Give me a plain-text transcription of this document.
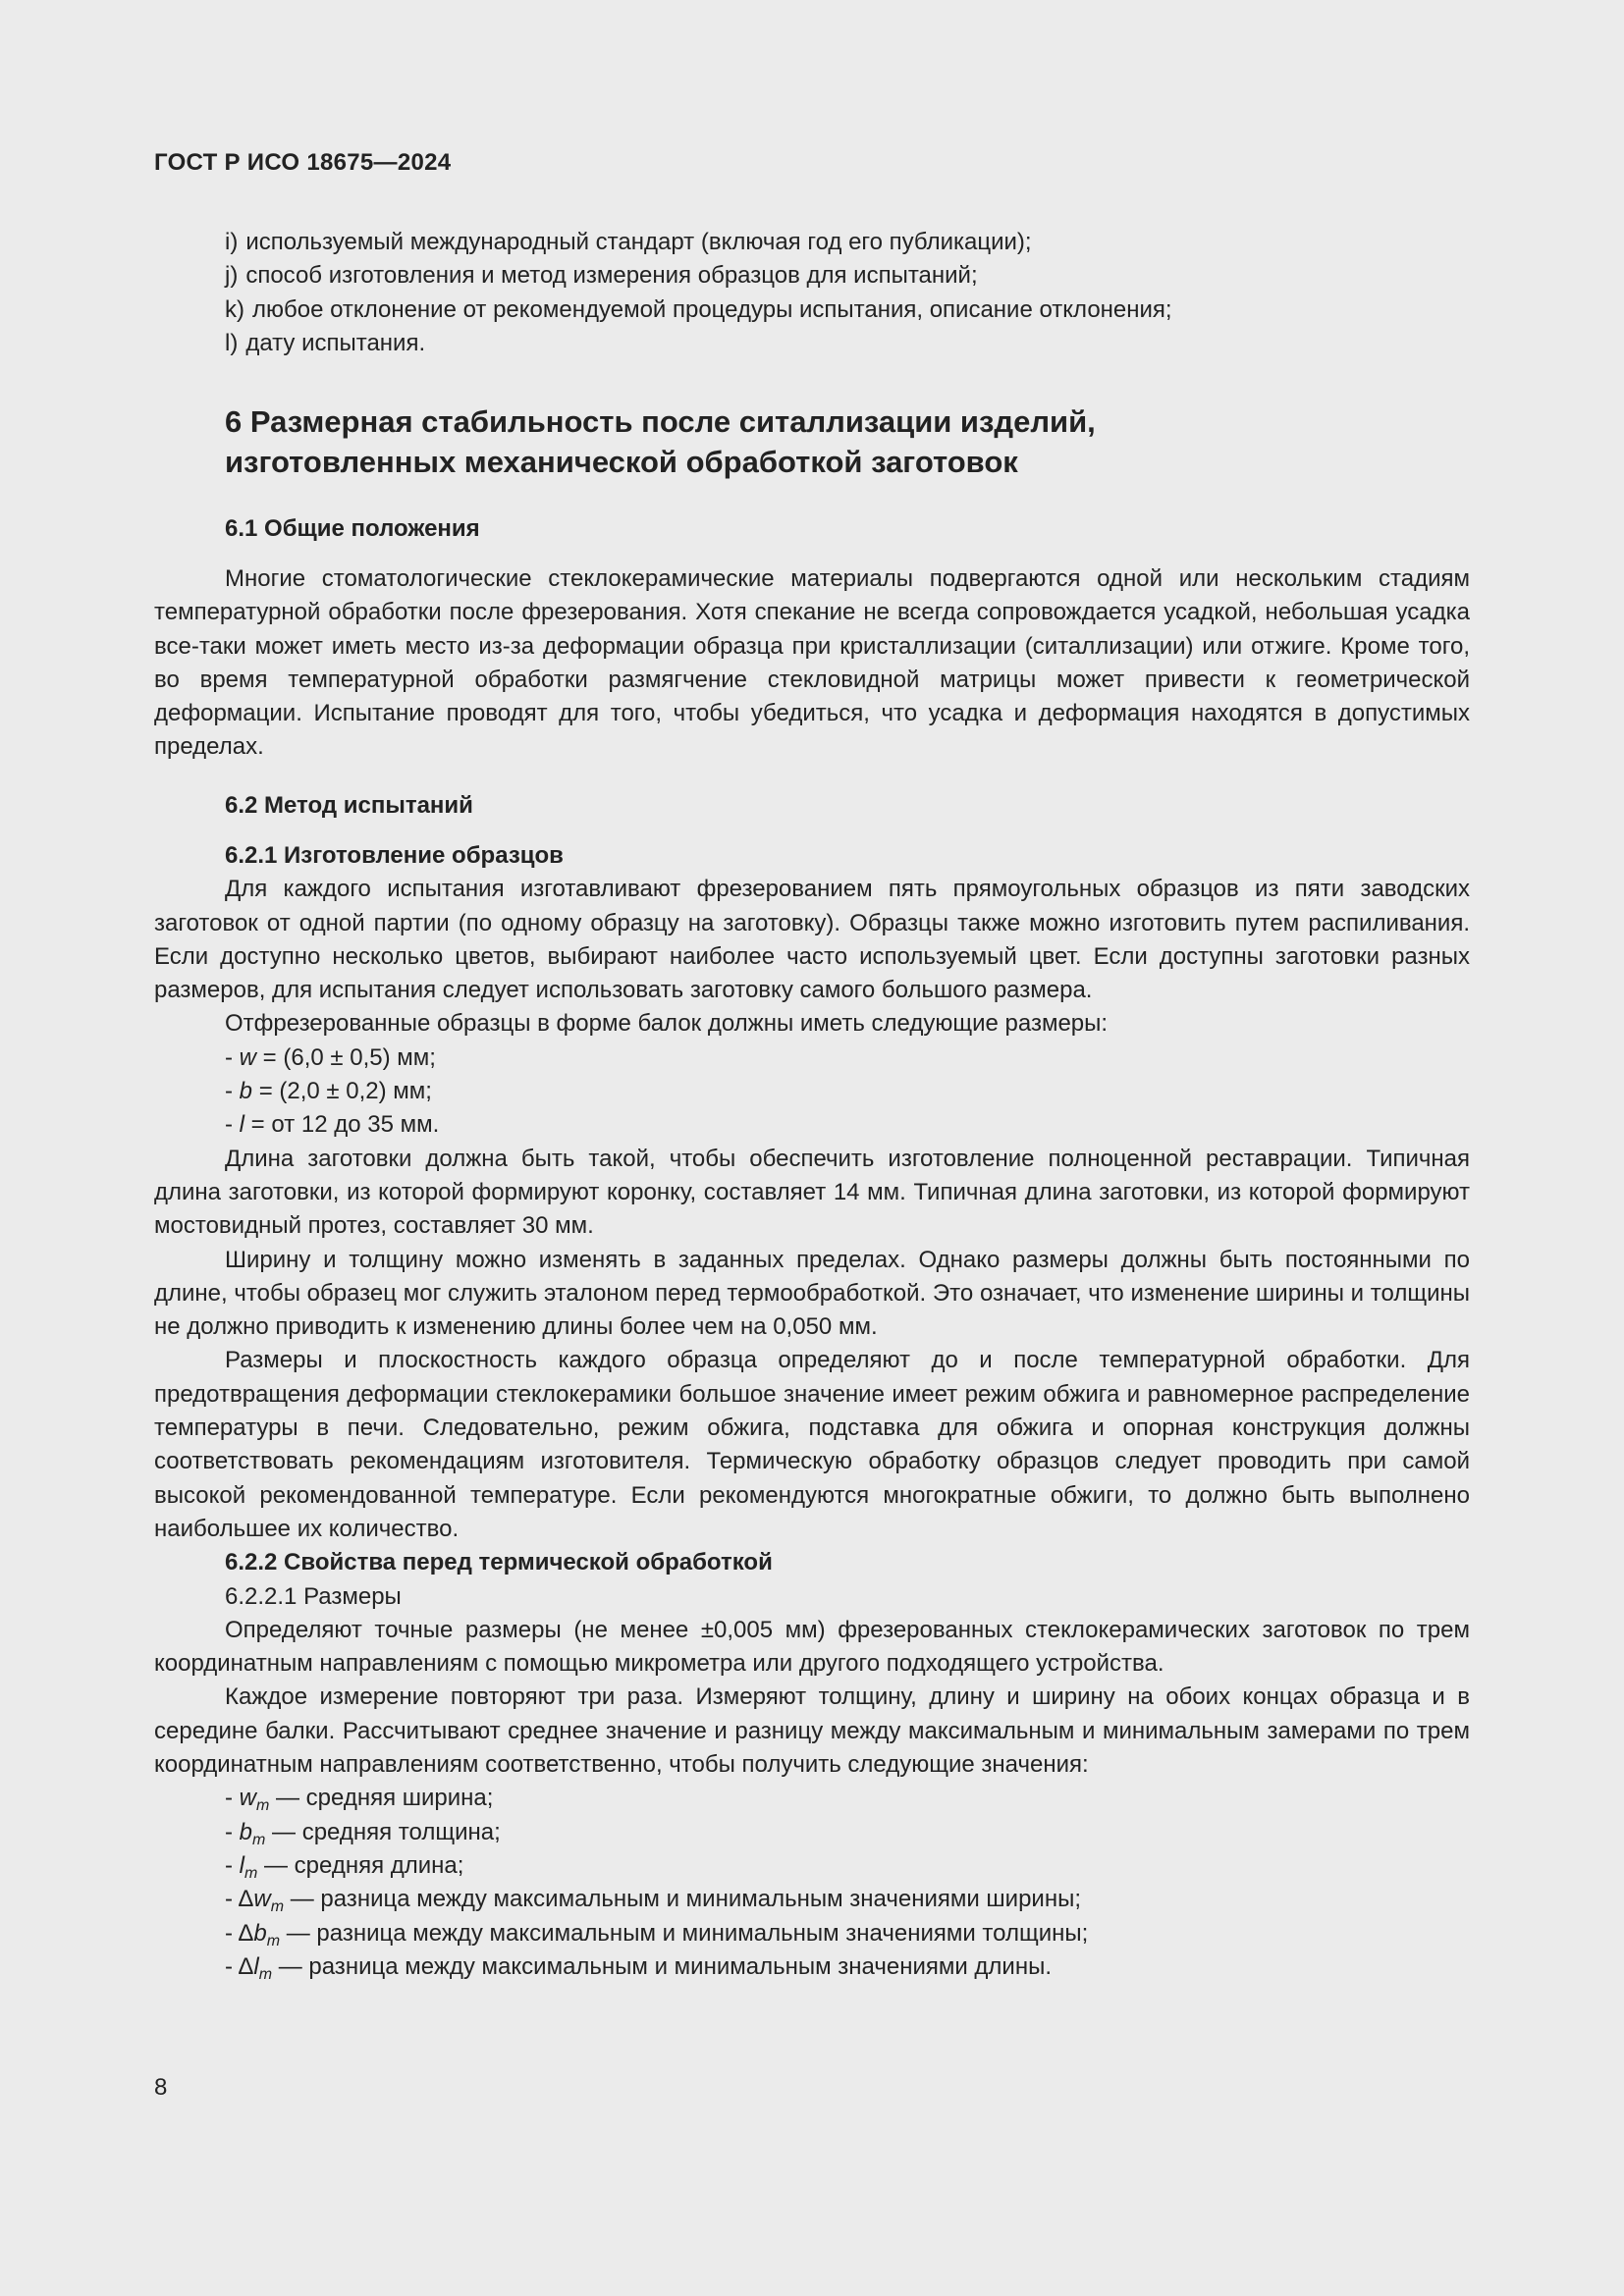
ГОСТ Р ИСО 18675—2024

i) используемый международный стандарт (включая год его публикации);

j) способ изготовления и метод измерения образцов для испытаний;

k) любое отклонение от рекомендуемой процедуры испытания, описание отклонения;

l) дату испытания.

6 Размерная стабильность после ситаллизации изделий,

изготовленных механической обработкой заготовок

6.1 Общие положения

Многие стоматологические стеклокерамические материалы подвергаются одной или нескольким стадиям температурной обработки после фрезерования. Хотя спекание не всегда сопровождается усадкой, небольшая усадка все-таки может иметь место из-за деформации образца при кристаллизации (ситаллизации) или отжиге. Кроме того, во время температурной обработки размягчение стекловидной матрицы может привести к геометрической деформации. Испытание проводят для того, чтобы убедиться, что усадка и деформация находятся в допустимых пределах.

6.2 Метод испытаний

6.2.1 Изготовление образцов

Для каждого испытания изготавливают фрезерованием пять прямоугольных образцов из пяти заводских заготовок от одной партии (по одному образцу на заготовку). Образцы также можно изготовить путем распиливания. Если доступно несколько цветов, выбирают наиболее часто используемый цвет. Если доступны заготовки разных размеров, для испытания следует использовать заготовку самого большого размера.

Отфрезерованные образцы в форме балок должны иметь следующие размеры:

- w = (6,0 ± 0,5) мм;

- b = (2,0 ± 0,2) мм;

- l = от 12 до 35 мм.

Длина заготовки должна быть такой, чтобы обеспечить изготовление полноценной реставрации. Типичная длина заготовки, из которой формируют коронку, составляет 14 мм. Типичная длина заготовки, из которой формируют мостовидный протез, составляет 30 мм.

Ширину и толщину можно изменять в заданных пределах. Однако размеры должны быть постоянными по длине, чтобы образец мог служить эталоном перед термообработкой. Это означает, что изменение ширины и толщины не должно приводить к изменению длины более чем на 0,050 мм.

Размеры и плоскостность каждого образца определяют до и после температурной обработки. Для предотвращения деформации стеклокерамики большое значение имеет режим обжига и равномерное распределение температуры в печи. Следовательно, режим обжига, подставка для обжига и опорная конструкция должны соответствовать рекомендациям изготовителя. Термическую обработку образцов следует проводить при самой высокой рекомендованной температуре. Если рекомендуются многократные обжиги, то должно быть выполнено наибольшее их количество.

6.2.2 Свойства перед термической обработкой

6.2.2.1 Размеры

Определяют точные размеры (не менее ±0,005 мм) фрезерованных стеклокерамических заготовок по трем координатным направлениям с помощью микрометра или другого подходящего устройства.

Каждое измерение повторяют три раза. Измеряют толщину, длину и ширину на обоих концах образца и в середине балки. Рассчитывают среднее значение и разницу между максимальным и минимальным замерами по трем координатным направлениям соответственно, чтобы получить следующие значения:

- $w_m$ — средняя ширина;

- $b_m$ — средняя толщина;

- $l_m$ — средняя длина;

- $\Delta w_m$ — разница между максимальным и минимальным значениями ширины;

- $\Delta b_m$ — разница между максимальным и минимальным значениями толщины;

- $\Delta l_m$ — разница между максимальным и минимальным значениями длины.

8
